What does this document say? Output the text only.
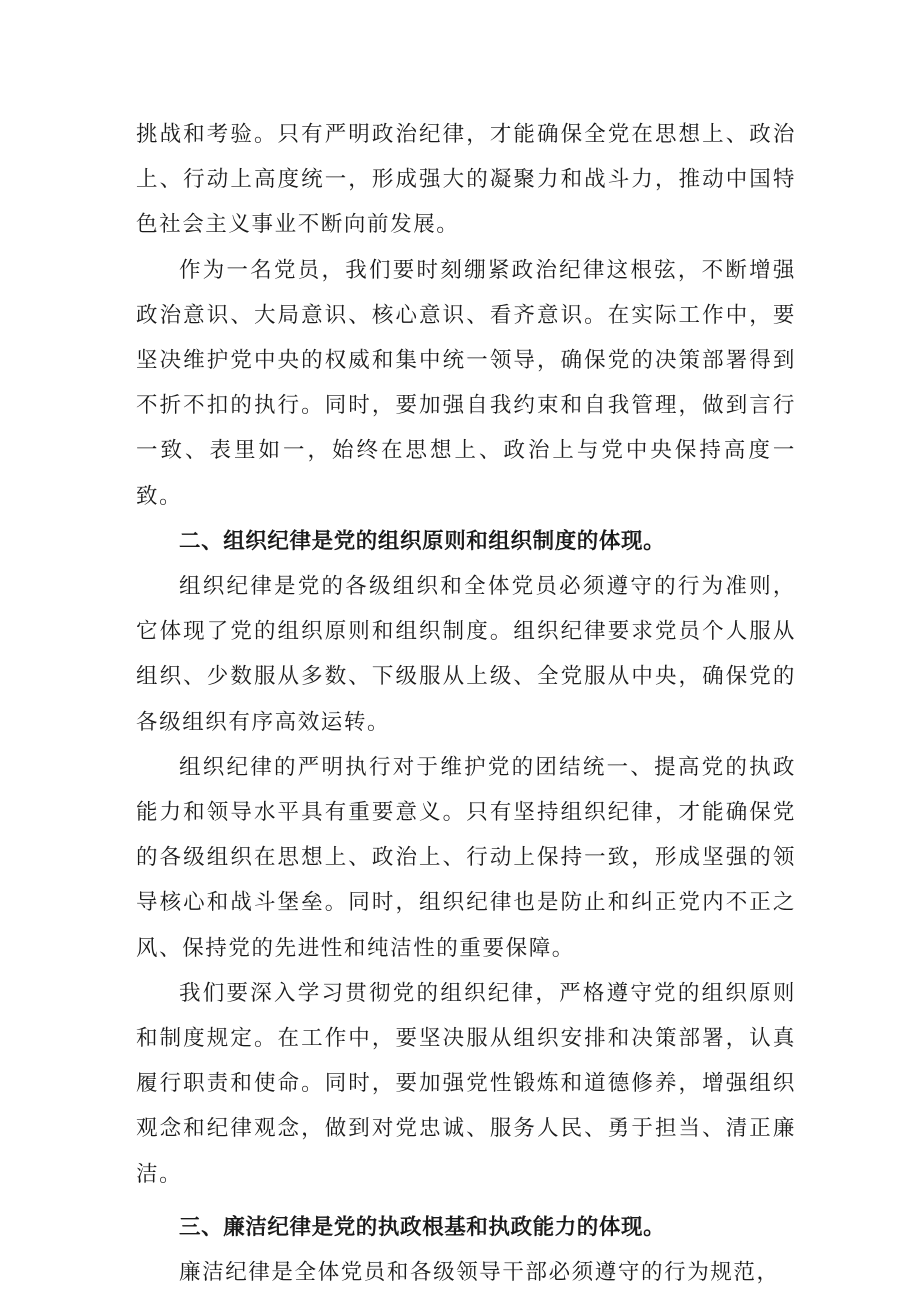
挑战和考验。只有严明政治纪律，才能确保全党在思想上、政治上、行动上高度统一，形成强大的凝聚力和战斗力，推动中国特色社会主义事业不断向前发展。

作为一名党员，我们要时刻绷紧政治纪律这根弦，不断增强政治意识、大局意识、核心意识、看齐意识。在实际工作中，要坚决维护党中央的权威和集中统一领导，确保党的决策部署得到不折不扣的执行。同时，要加强自我约束和自我管理，做到言行一致、表里如一，始终在思想上、政治上与党中央保持高度一致。

二、组织纪律是党的组织原则和组织制度的体现。

组织纪律是党的各级组织和全体党员必须遵守的行为准则，它体现了党的组织原则和组织制度。组织纪律要求党员个人服从组织、少数服从多数、下级服从上级、全党服从中央，确保党的各级组织有序高效运转。

组织纪律的严明执行对于维护党的团结统一、提高党的执政能力和领导水平具有重要意义。只有坚持组织纪律，才能确保党的各级组织在思想上、政治上、行动上保持一致，形成坚强的领导核心和战斗堡垒。同时，组织纪律也是防止和纠正党内不正之风、保持党的先进性和纯洁性的重要保障。

我们要深入学习贯彻党的组织纪律，严格遵守党的组织原则和制度规定。在工作中，要坚决服从组织安排和决策部署，认真履行职责和使命。同时，要加强党性锻炼和道德修养，增强组织观念和纪律观念，做到对党忠诚、服务人民、勇于担当、清正廉洁。

三、廉洁纪律是党的执政根基和执政能力的体现。

廉洁纪律是全体党员和各级领导干部必须遵守的行为规范，
